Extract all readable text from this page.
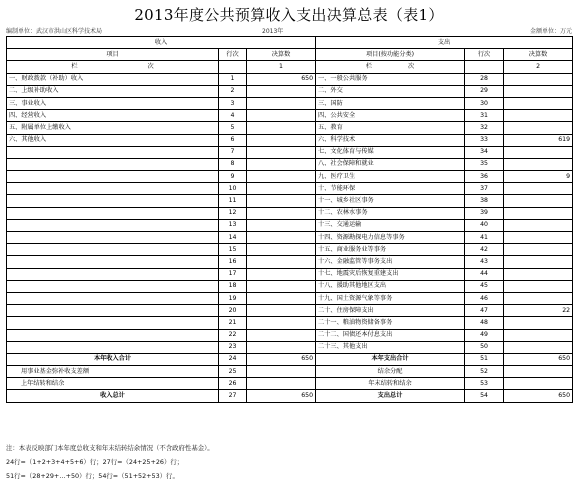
2013年度公共预算收入支出决算总表（表1）
编制单位：武汉市洪山区科学技术局	2013年	金额单位：万元
收入			支出		
项目	行次	决算数	项目(按功能分类)	行次	决算数
栏 次		1	栏 次		2
一、财政拨款（补助）收入	1	650	一、一般公共服务	28	
二、上级补助收入	2		二、外交	29	
三、事业收入	3		三、国防	30	
四、经营收入	4		四、公共安全	31	
五、附属单位上缴收入	5		五、教育	32	
六、其他收入	6		六、科学技术	33	619
	7		七、文化体育与传媒	34	
	8		八、社会保障和就业	35	
	9		九、医疗卫生	36	9
	10		十、节能环保	37	
	11		十一、城乡社区事务	38	
	12		十二、农林水事务	39	
	13		十三、交通运输	40	
	14		十四、资源勘探电力信息等事务	41	
	15		十五、商业服务业等事务	42	
	16		十六、金融监管等事务支出	43	
	17		十七、地震灾后恢复重建支出	44	
	18		十八、援助其他地区支出	45	
	19		十九、国土资源气象等事务	46	
	20		二十、住房保障支出	47	22
	21		二十一、粮油物资储备事务	48	
	22		二十二、国债还本付息支出	49	
	23		二十三、其他支出	50	
本年收入合计	24	650	本年支出合计	51	650
用事业基金弥补收支差额	25		结余分配	52	
上年结转和结余	26		年末结转和结余	53	
收入总计	27	650	支出总计	54	650
注：本表反映部门本年度总收支和年末结转结余情况（不含政府性基金）。
24行=（1+2+3+4+5+6）行；27行=（24+25+26）行；
51行=（28+29+…+50）行；54行=（51+52+53）行。
